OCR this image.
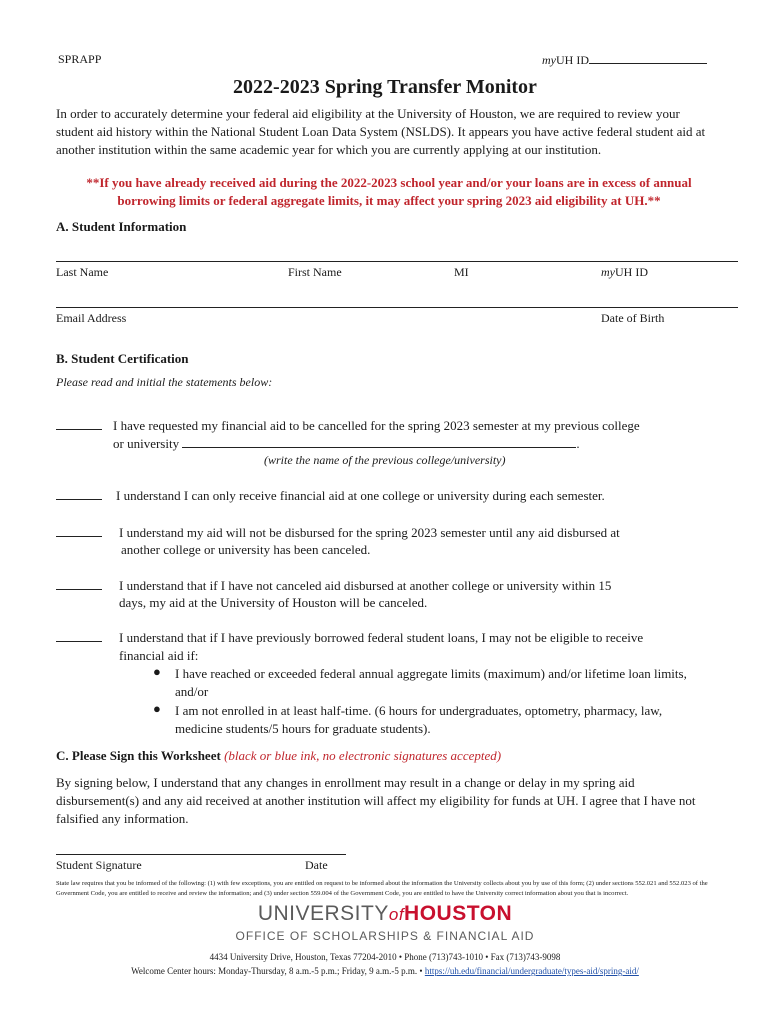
SPRAPP	myUH ID
2022-2023 Spring Transfer Monitor
In order to accurately determine your federal aid eligibility at the University of Houston, we are required to review your student aid history within the National Student Loan Data System (NSLDS). It appears you have active federal student aid at another institution within the same academic year for which you are currently applying at our institution.
**If you have already received aid during the 2022-2023 school year and/or your loans are in excess of annual borrowing limits or federal aggregate limits, it may affect your spring 2023 aid eligibility at UH.**
A. Student Information
Last Name	First Name	MI	myUH ID
Email Address	Date of Birth
B. Student Certification
Please read and initial the statements below:
I have requested my financial aid to be cancelled for the spring 2023 semester at my previous college
or university	.
(write the name of the previous college/university)
I understand I can only receive financial aid at one college or university during each semester.
I understand my aid will not be disbursed for the spring 2023 semester until any aid disbursed at
another college or university has been canceled.
I understand that if I have not canceled aid disbursed at another college or university within 15
days, my aid at the University of Houston will be canceled.
I understand that if I have previously borrowed federal student loans, I may not be eligible to receive
financial aid if:
● I have reached or exceeded federal annual aggregate limits (maximum) and/or lifetime loan limits,
and/or
● I am not enrolled in at least half-time. (6 hours for undergraduates, optometry, pharmacy, law,
medicine students/5 hours for graduate students).
C. Please Sign this Worksheet (black or blue ink, no electronic signatures accepted)
By signing below, I understand that any changes in enrollment may result in a change or delay in my spring aid disbursement(s) and any aid received at another institution will affect my eligibility for funds at UH. I agree that I have not falsified any information.
Student Signature	Date
State law requires that you be informed of the following: (1) with few exceptions, you are entitled on request to be informed about the information the University collects about you by use of this form; (2) under sections 552.021 and 552.023 of the Government Code, you are entitled to receive and review the information; and (3) under section 559.004 of the Government Code, you are entitled to have the University correct information about you that is incorrect.
UNIVERSITYofHOUSTON
OFFICE OF SCHOLARSHIPS & FINANCIAL AID
4434 University Drive, Houston, Texas 77204-2010 • Phone (713)743-1010 • Fax (713)743-9098
Welcome Center hours: Monday-Thursday, 8 a.m.-5 p.m.; Friday, 9 a.m.-5 p.m. • https://uh.edu/financial/undergraduate/types-aid/spring-aid/
